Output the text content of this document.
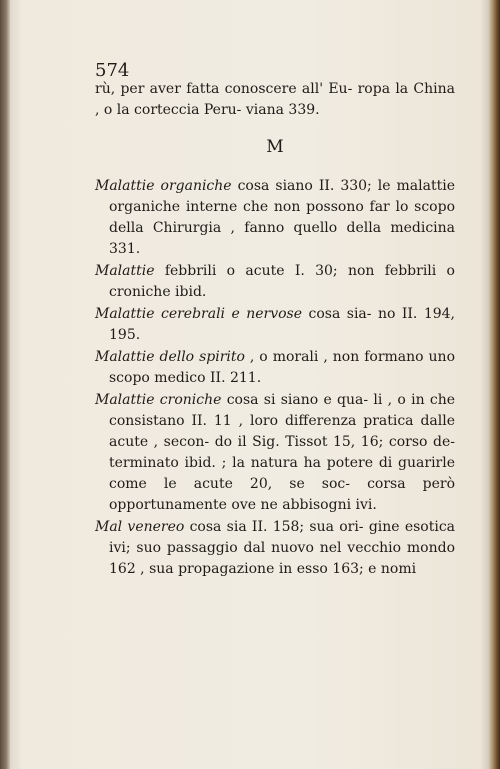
574
rù, per aver fatta conoscere all' Eu- ropa la China , o la corteccia Peru- viana 339.
M
Malattie organiche cosa siano II. 330; le malattie organiche interne che non possono far lo scopo della Chirurgia , fanno quello della medicina 331.
Malattie febbrili o acute I. 30; non febbrili o croniche ibid.
Malattie cerebrali e nervose cosa sia- no II. 194, 195.
Malattie dello spirito , o morali , non formano uno scopo medico II. 211.
Malattie croniche cosa si siano e qua- li , o in che consistano II. 11 , loro differenza pratica dalle acute , secon- do il Sig. Tissot 15, 16; corso de- terminato ibid. ; la natura ha potere di guarirle come le acute 20, se soc- corsa però opportunamente ove ne abbisogni ivi.
Mal venereo cosa sia II. 158; sua ori- gine esotica ivi; suo passaggio dal nuovo nel vecchio mondo 162 , sua propagazione in esso 163; e nomi
